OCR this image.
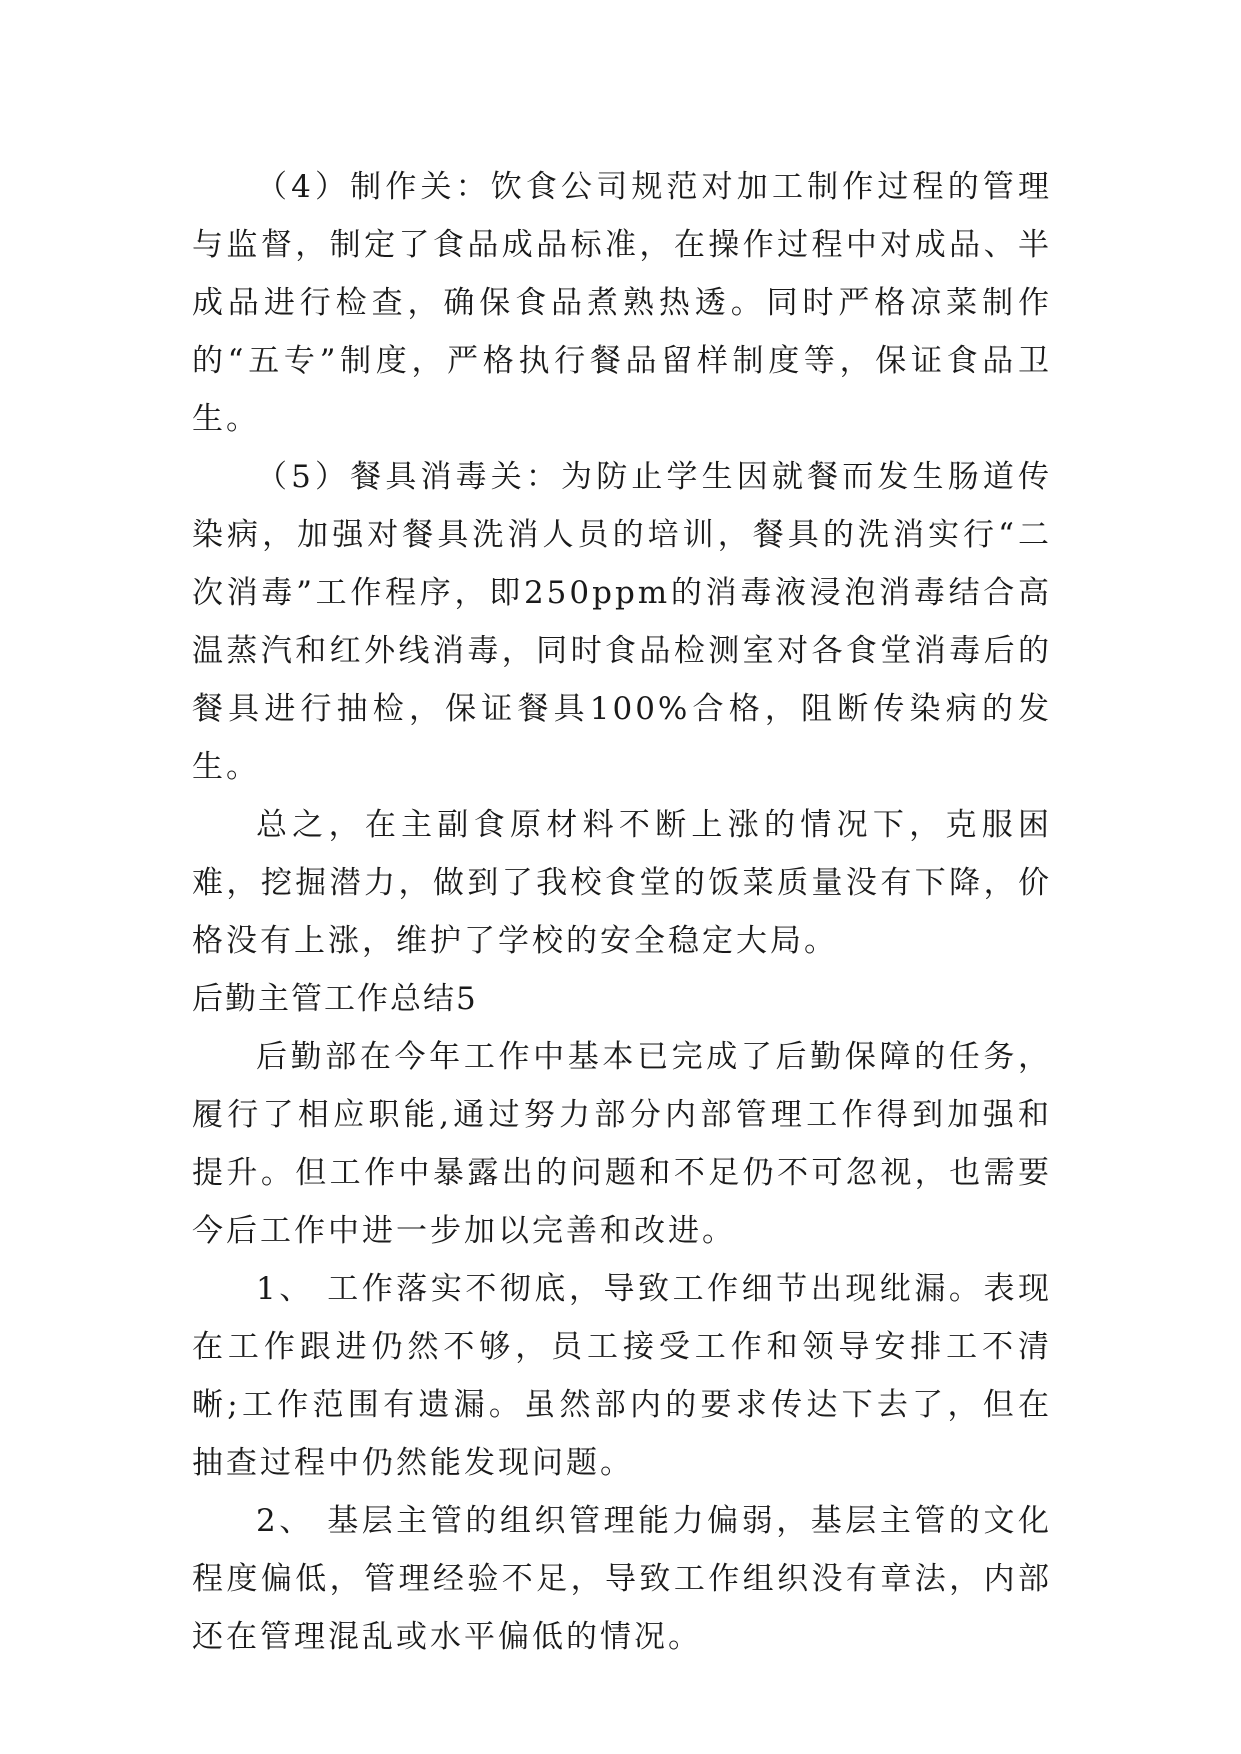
（4）制作关：饮食公司规范对加工制作过程的管理与监督，制定了食品成品标准，在操作过程中对成品、半成品进行检查，确保食品煮熟热透。同时严格凉菜制作的“五专”制度，严格执行餐品留样制度等，保证食品卫生。

（5）餐具消毒关：为防止学生因就餐而发生肠道传染病，加强对餐具洗消人员的培训，餐具的洗消实行“二次消毒”工作程序，即250ppm的消毒液浸泡消毒结合高温蒸汽和红外线消毒，同时食品检测室对各食堂消毒后的餐具进行抽检，保证餐具100%合格，阻断传染病的发生。

总之，在主副食原材料不断上涨的情况下，克服困难，挖掘潜力，做到了我校食堂的饭菜质量没有下降，价格没有上涨，维护了学校的安全稳定大局。

后勤主管工作总结5

后勤部在今年工作中基本已完成了后勤保障的任务，履行了相应职能,通过努力部分内部管理工作得到加强和提升。但工作中暴露出的问题和不足仍不可忽视，也需要今后工作中进一步加以完善和改进。

1、 工作落实不彻底，导致工作细节出现纰漏。表现在工作跟进仍然不够，员工接受工作和领导安排工不清晰;工作范围有遗漏。虽然部内的要求传达下去了，但在抽查过程中仍然能发现问题。

2、 基层主管的组织管理能力偏弱，基层主管的文化程度偏低，管理经验不足，导致工作组织没有章法，内部还在管理混乱或水平偏低的情况。
